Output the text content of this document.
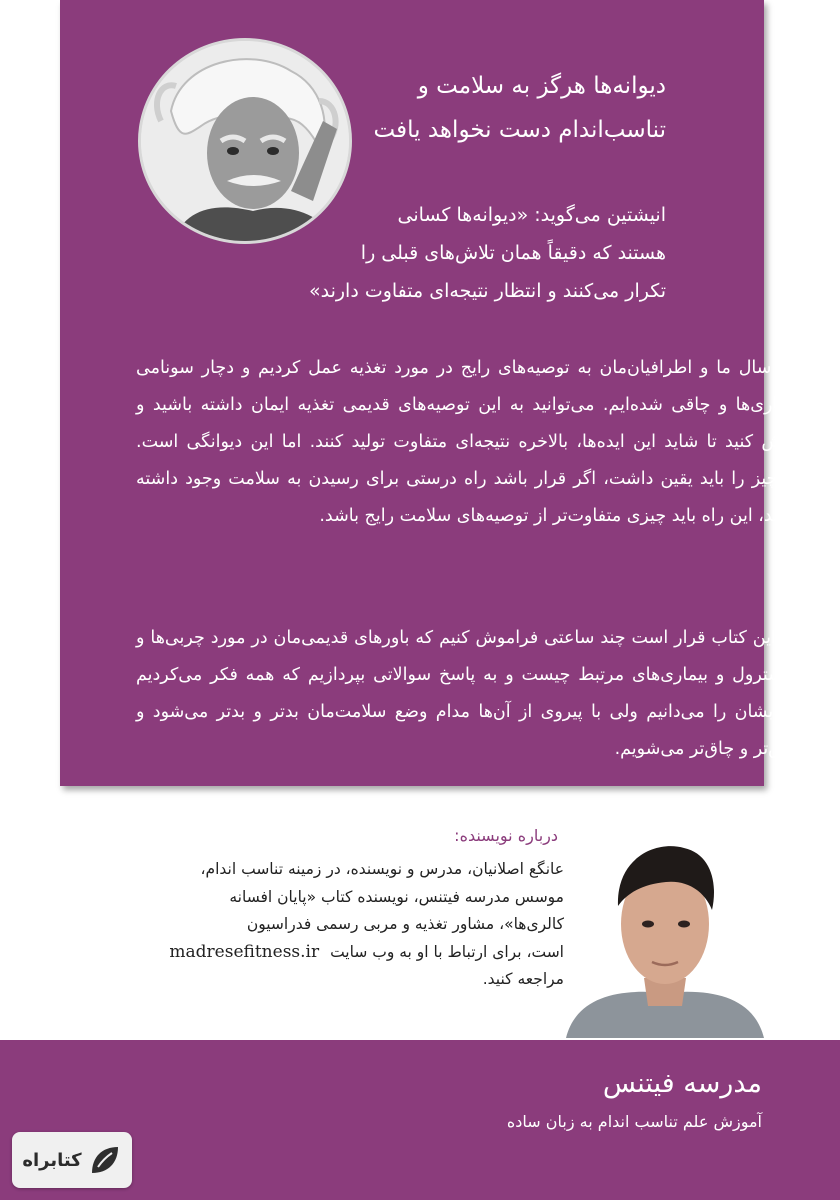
دیوانه‌ها هرگز به سلامت و
تناسب‌اندام دست نخواهد یافت
انیشتین می‌گوید: «دیوانه‌ها کسانی
هستند که دقیقاً همان تلاش‌های قبلی را
تکرار می‌کنند و انتظار نتیجه‌ای متفاوت دارند»

۵۰ سال ما و اطرافیان‌مان به توصیه‌های رایج در مورد تغذیه عمل کردیم و دچار سونامی بیماری‌ها و چاقی شده‌ایم. می‌توانید به این توصیه‌های قدیمی تغذیه ایمان داشته باشید و تلاش کنید تا شاید این ایده‌ها، بالاخره نتیجه‌ای متفاوت تولید کنند. اما این دیوانگی است. یک‌چیز را باید یقین داشت، اگر قرار باشد راه درستی برای رسیدن به سلامت وجود داشته باشد، این راه باید چیزی متفاوت‌تر از توصیه‌های سلامت رایج باشد.

در این کتاب قرار است چند ساعتی فراموش کنیم که باورهای قدیمی‌مان در مورد چربی‌ها و کلسترول و بیماری‌های مرتبط چیست و به پاسخ سوالاتی بپردازیم که همه فکر می‌کردیم جوابشان را می‌دانیم ولی با پیروی از آن‌ها مدام وضع سلامت‌مان بدتر و بدتر می‌شود و چاق‌تر و چاق‌تر می‌شویم.

درباره نویسنده:
عانگع اصلانیان، مدرس و نویسنده، در زمینه تناسب اندام،
موسس مدرسه فیتنس، نویسنده کتاب «پایان افسانه
کالری‌ها»، مشاور تغذیه و مربی رسمی فدراسیون
است، برای ارتباط با او به وب سایت madresefitness.ir
مراجعه کنید.
مدرسه فیتنس
آموزش علم تناسب اندام به زبان ساده
کتابراه
